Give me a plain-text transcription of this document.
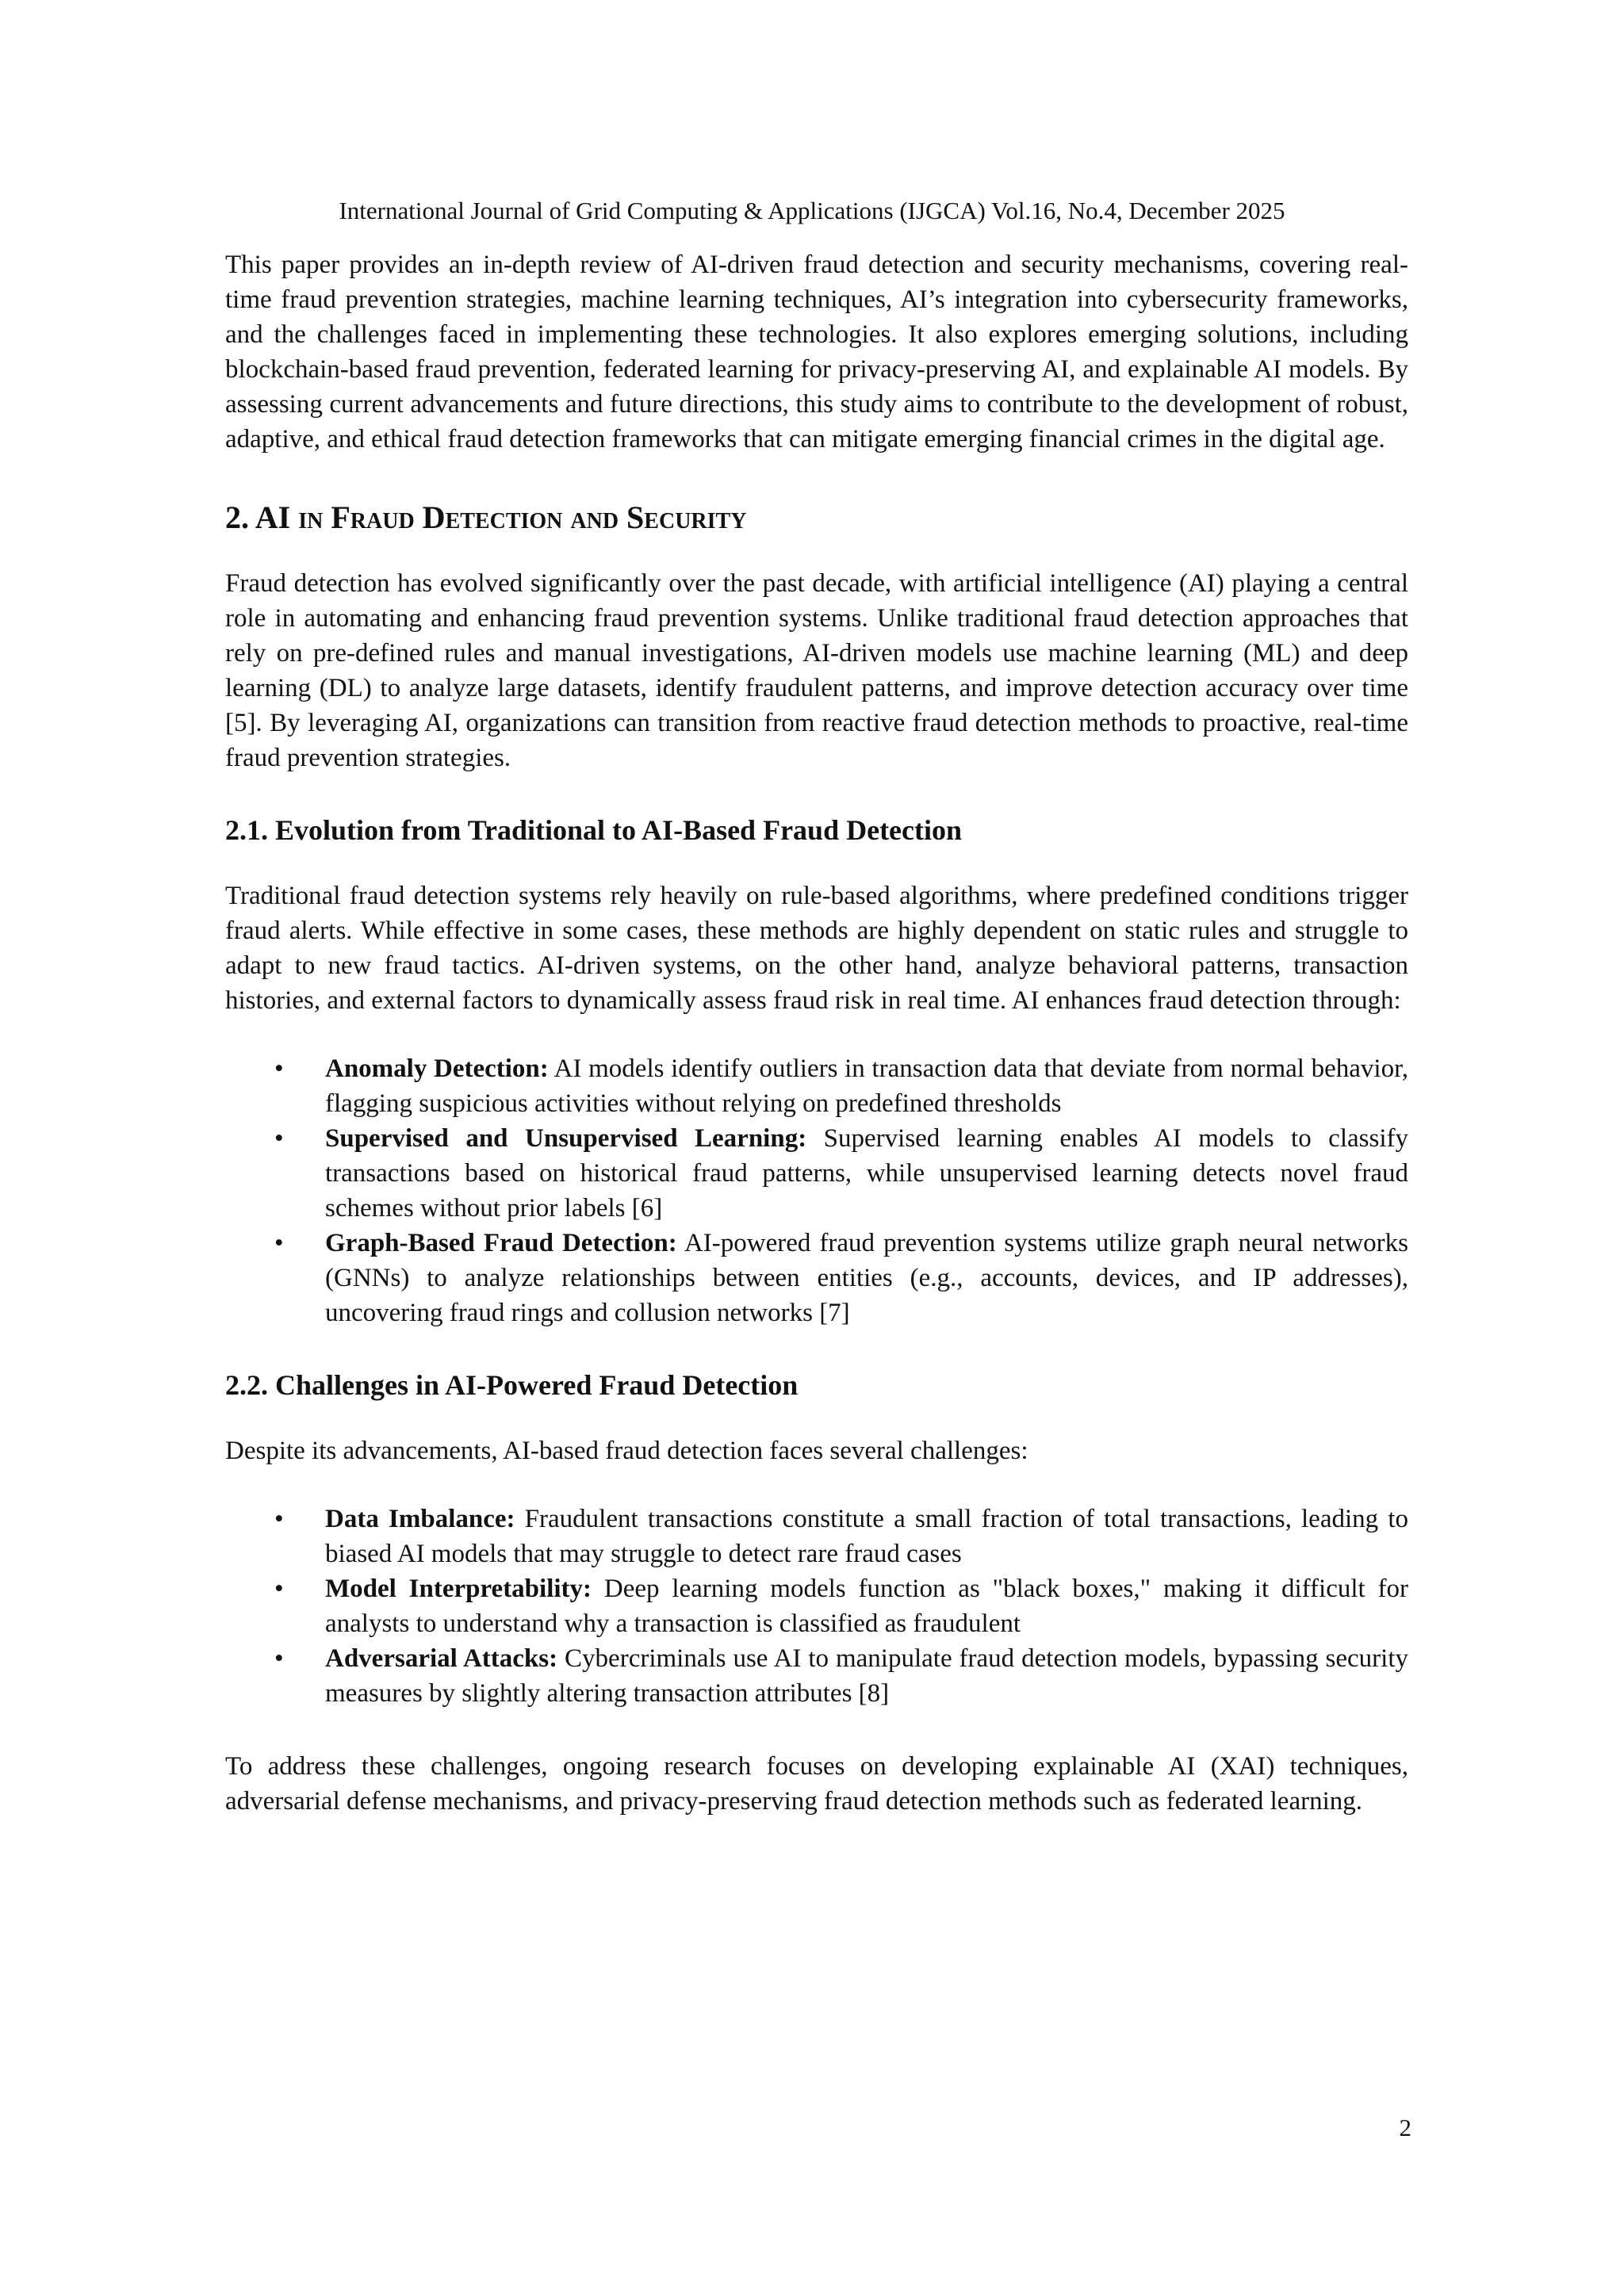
International Journal of Grid Computing & Applications (IJGCA) Vol.16, No.4, December 2025

This paper provides an in-depth review of AI-driven fraud detection and security mechanisms, covering real-time fraud prevention strategies, machine learning techniques, AI’s integration into cybersecurity frameworks, and the challenges faced in implementing these technologies. It also explores emerging solutions, including blockchain-based fraud prevention, federated learning for privacy-preserving AI, and explainable AI models. By assessing current advancements and future directions, this study aims to contribute to the development of robust, adaptive, and ethical fraud detection frameworks that can mitigate emerging financial crimes in the digital age.

2. AI in Fraud Detection and Security

Fraud detection has evolved significantly over the past decade, with artificial intelligence (AI) playing a central role in automating and enhancing fraud prevention systems. Unlike traditional fraud detection approaches that rely on pre-defined rules and manual investigations, AI-driven models use machine learning (ML) and deep learning (DL) to analyze large datasets, identify fraudulent patterns, and improve detection accuracy over time [5]. By leveraging AI, organizations can transition from reactive fraud detection methods to proactive, real-time fraud prevention strategies.

2.1. Evolution from Traditional to AI-Based Fraud Detection

Traditional fraud detection systems rely heavily on rule-based algorithms, where predefined conditions trigger fraud alerts. While effective in some cases, these methods are highly dependent on static rules and struggle to adapt to new fraud tactics. AI-driven systems, on the other hand, analyze behavioral patterns, transaction histories, and external factors to dynamically assess fraud risk in real time. AI enhances fraud detection through:

• Anomaly Detection: AI models identify outliers in transaction data that deviate from normal behavior, flagging suspicious activities without relying on predefined thresholds
• Supervised and Unsupervised Learning: Supervised learning enables AI models to classify transactions based on historical fraud patterns, while unsupervised learning detects novel fraud schemes without prior labels [6]
• Graph-Based Fraud Detection: AI-powered fraud prevention systems utilize graph neural networks (GNNs) to analyze relationships between entities (e.g., accounts, devices, and IP addresses), uncovering fraud rings and collusion networks [7]
2.2. Challenges in AI-Powered Fraud Detection

Despite its advancements, AI-based fraud detection faces several challenges:

• Data Imbalance: Fraudulent transactions constitute a small fraction of total transactions, leading to biased AI models that may struggle to detect rare fraud cases
• Model Interpretability: Deep learning models function as "black boxes," making it difficult for analysts to understand why a transaction is classified as fraudulent
• Adversarial Attacks: Cybercriminals use AI to manipulate fraud detection models, bypassing security measures by slightly altering transaction attributes [8]

To address these challenges, ongoing research focuses on developing explainable AI (XAI) techniques, adversarial defense mechanisms, and privacy-preserving fraud detection methods such as federated learning.

2
